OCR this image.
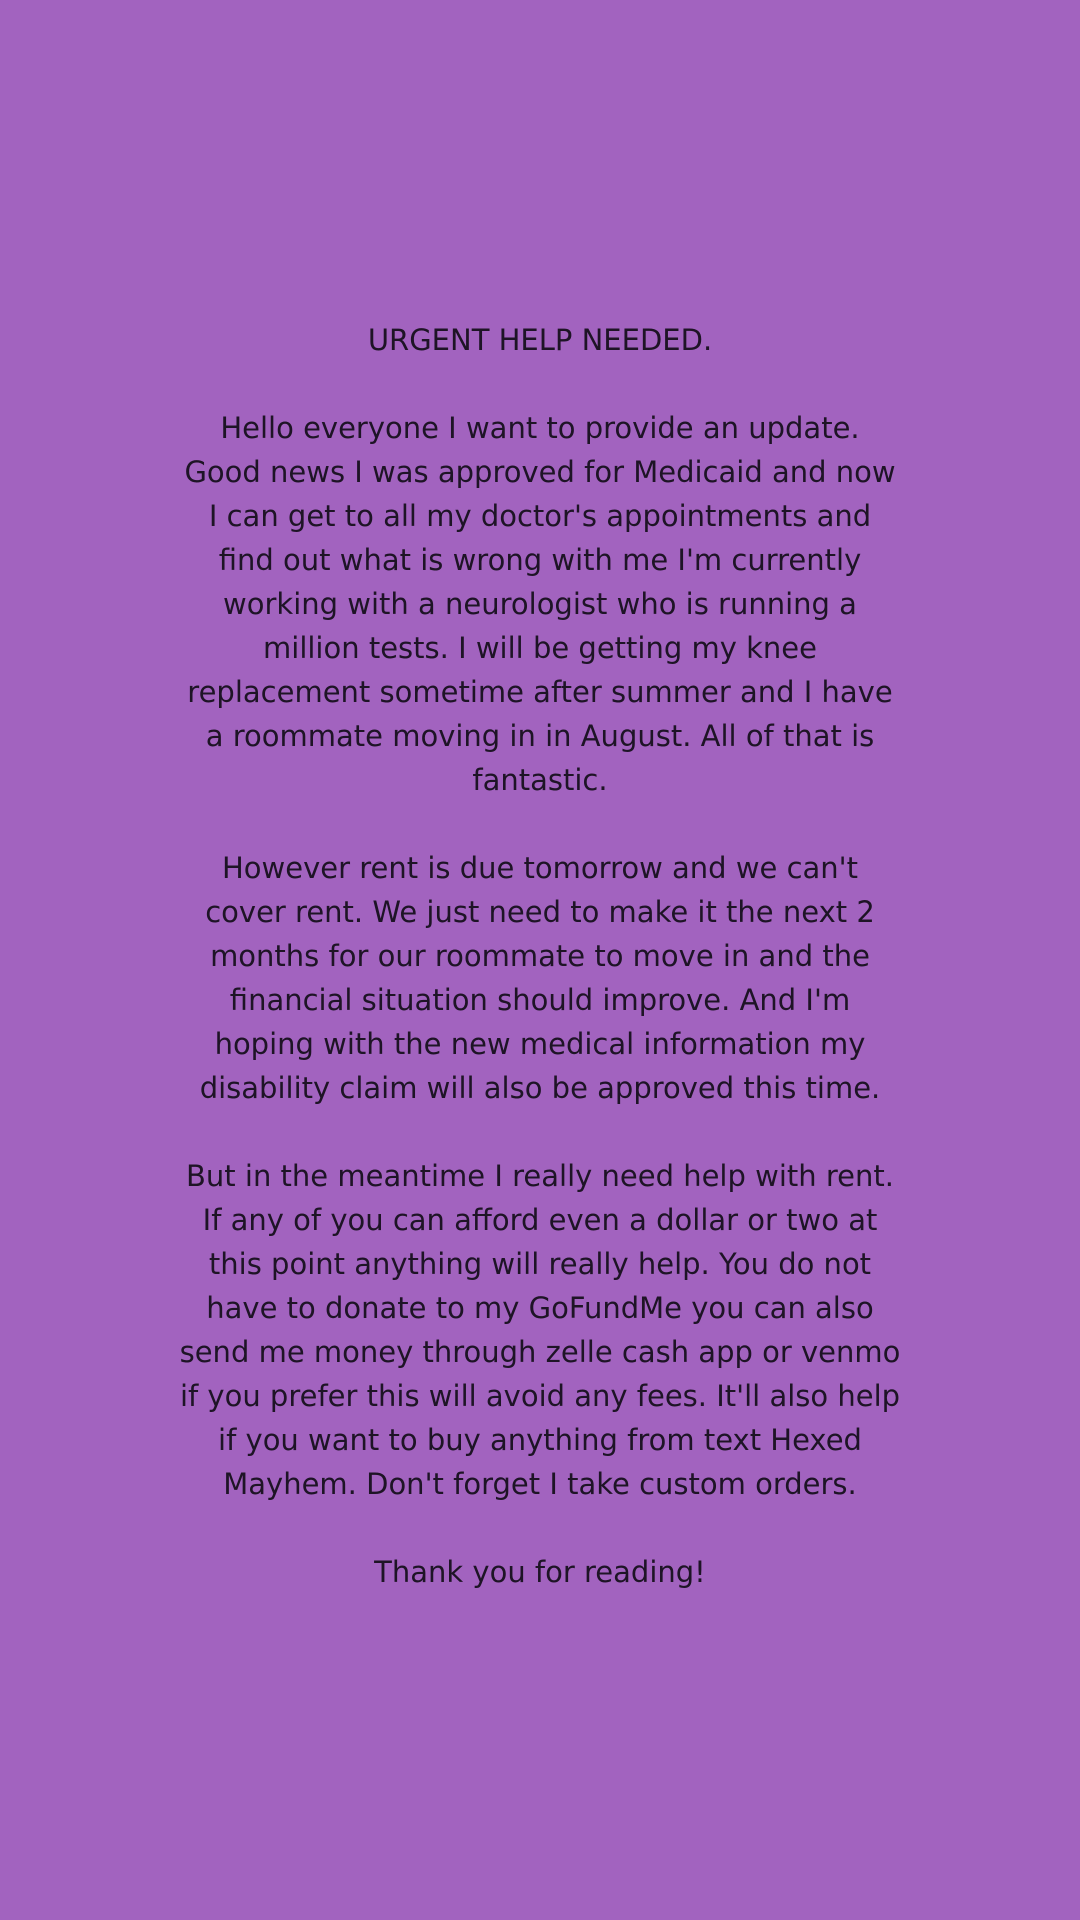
URGENT HELP NEEDED.

Hello everyone I want to provide an update.
Good news I was approved for Medicaid and now
I can get to all my doctor's appointments and
find out what is wrong with me I'm currently
working with a neurologist who is running a
million tests. I will be getting my knee
replacement sometime after summer and I have
a roommate moving in in August. All of that is
fantastic.

However rent is due tomorrow and we can't
cover rent. We just need to make it the next 2
months for our roommate to move in and the
financial situation should improve. And I'm
hoping with the new medical information my
disability claim will also be approved this time.

But in the meantime I really need help with rent.
If any of you can afford even a dollar or two at
this point anything will really help. You do not
have to donate to my GoFundMe you can also
send me money through zelle cash app or venmo
if you prefer this will avoid any fees. It'll also help
if you want to buy anything from text Hexed
Mayhem. Don't forget I take custom orders.

Thank you for reading!
